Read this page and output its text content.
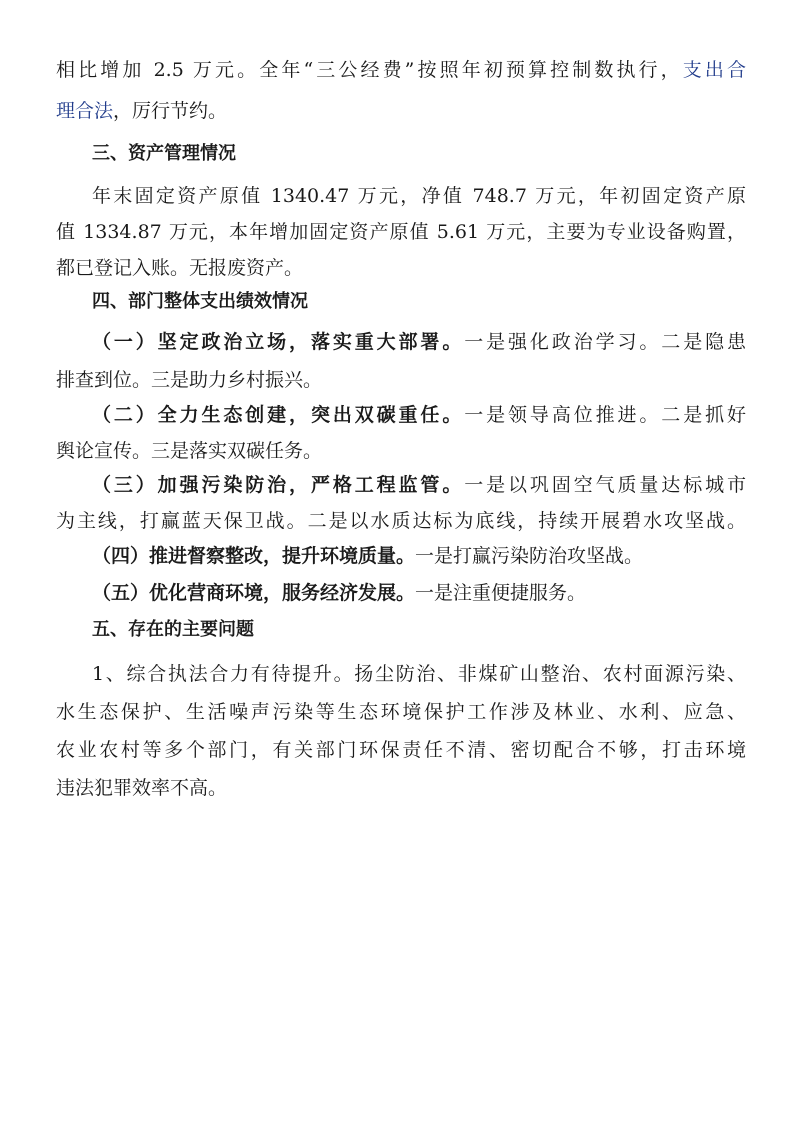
相比增加 2.5 万元。全年“三公经费”按照年初预算控制数执行，支出合
理合法，厉行节约。
三、资产管理情况
年末固定资产原值 1340.47 万元，净值 748.7 万元，年初固定资产原
值 1334.87 万元，本年增加固定资产原值 5.61 万元，主要为专业设备购置，
都已登记入账。无报废资产。
四、部门整体支出绩效情况
（一）坚定政治立场，落实重大部署。一是强化政治学习。二是隐患
排查到位。三是助力乡村振兴。
（二）全力生态创建，突出双碳重任。一是领导高位推进。二是抓好
舆论宣传。三是落实双碳任务。
（三）加强污染防治，严格工程监管。一是以巩固空气质量达标城市
为主线，打赢蓝天保卫战。二是以水质达标为底线，持续开展碧水攻坚战。
（四）推进督察整改，提升环境质量。一是打赢污染防治攻坚战。
（五）优化营商环境，服务经济发展。一是注重便捷服务。
五、存在的主要问题
1、综合执法合力有待提升。扬尘防治、非煤矿山整治、农村面源污染、
水生态保护、生活噪声污染等生态环境保护工作涉及林业、水利、应急、
农业农村等多个部门，有关部门环保责任不清、密切配合不够，打击环境
违法犯罪效率不高。
